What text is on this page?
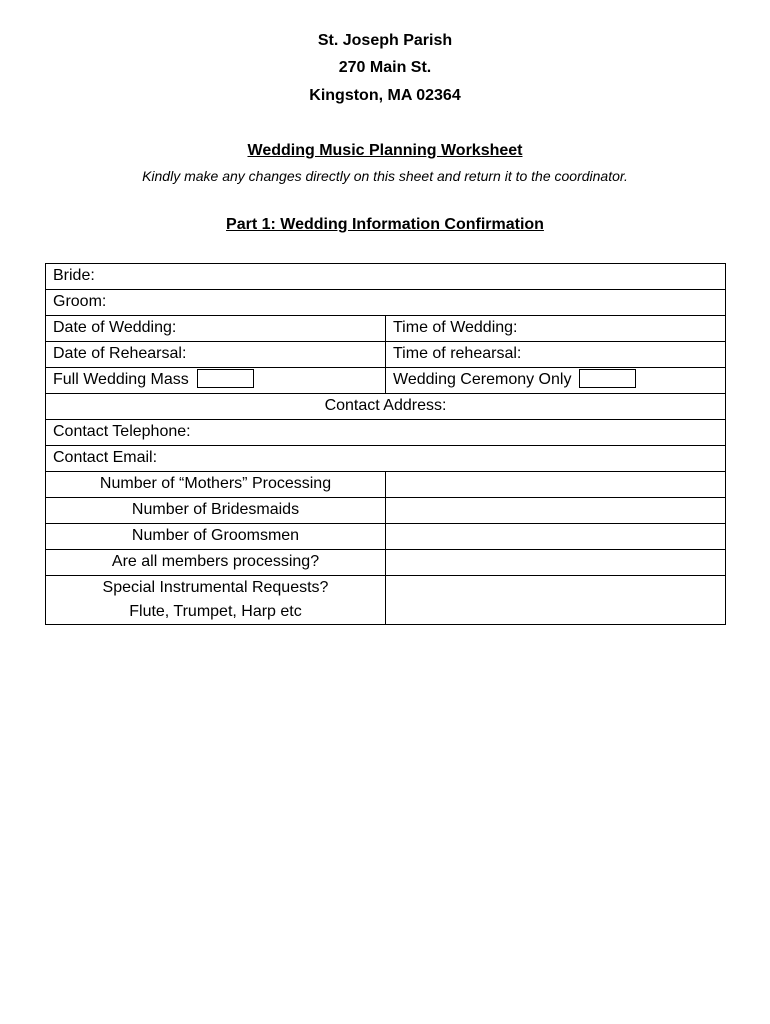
St. Joseph Parish
270 Main St.
Kingston, MA 02364
Wedding Music Planning Worksheet
Kindly make any changes directly on this sheet and return it to the coordinator.
Part 1: Wedding Information Confirmation
Bride:	
Groom:	
Date of Wedding:	Time of Wedding:
Date of Rehearsal:	Time of rehearsal:
Full Wedding Mass	Wedding Ceremony Only
Contact Address:	
Contact Telephone:	
Contact Email:	
Number of “Mothers” Processing	
Number of Bridesmaids	
Number of Groomsmen	
Are all members processing?	

Special Instrumental Requests?
Flute, Trumpet, Harp etc	
